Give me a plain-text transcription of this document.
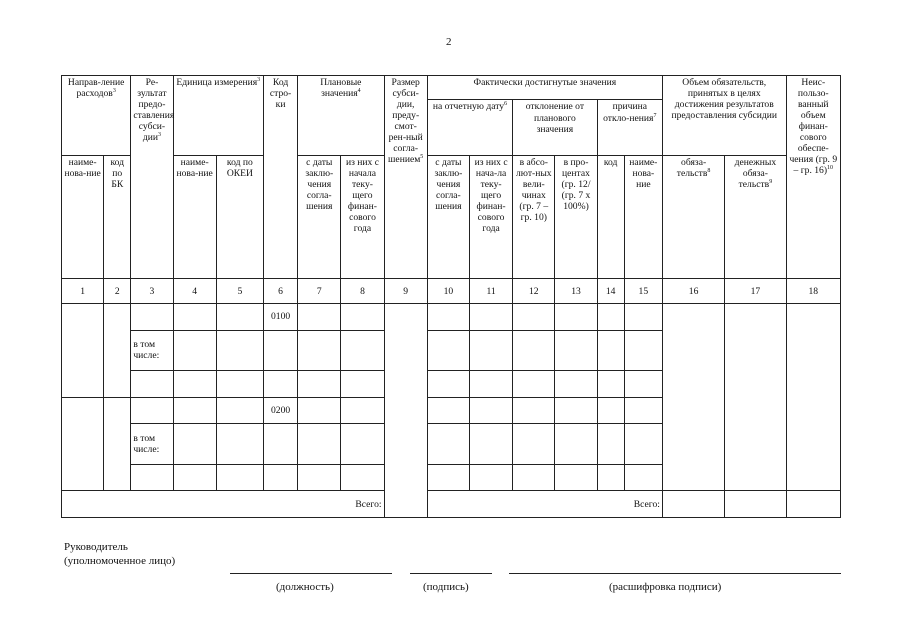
2
Направ-ление расходов$^3$		Ре-зультат предо-ставления субси-дии$^3$	Единица измерения$^3$		Код стро-ки	Плановые значения$^4$		Размер субси-дии, преду-смот-рен-ный согла-шением$^5$	Фактически достигнутые значения						Объем обязательств, принятых в целях достижения результатов предоставления субсидии		Неис-пользо-ванный объем финан-сового обеспе-чения (гр. 9 – гр. 16)$^{10}$
									на отчетную дату$^6$		отклонение от планового значения		причина откло-нения$^7$

наиме-нова-ние	код по БК		наиме-нова-ние	код по ОКЕИ		с даты заклю-чения согла-шения	из них с начала теку-щего финан-сового года		с даты заклю-чения согла-шения	из них с нача-ла теку-щего финан-сового года	в абсо-лют-ных вели-чинах (гр. 7 – гр. 10)	в про-центах (гр. 12/ (гр. 7 x 100%)	код	наиме-нова-ние	обяза-тельств$^8$	денежных обяза-тельств$^9$
1	2	3	4	5	6	7	8	9	10	11	12	13	14	15	16	17	18
					0100												
		в том числе:															

					0200												
		в том числе:															

Всего:									Всего:								
Руководитель
(уполномоченное лицо)
(должность)	(подпись)	(расшифровка подписи)
